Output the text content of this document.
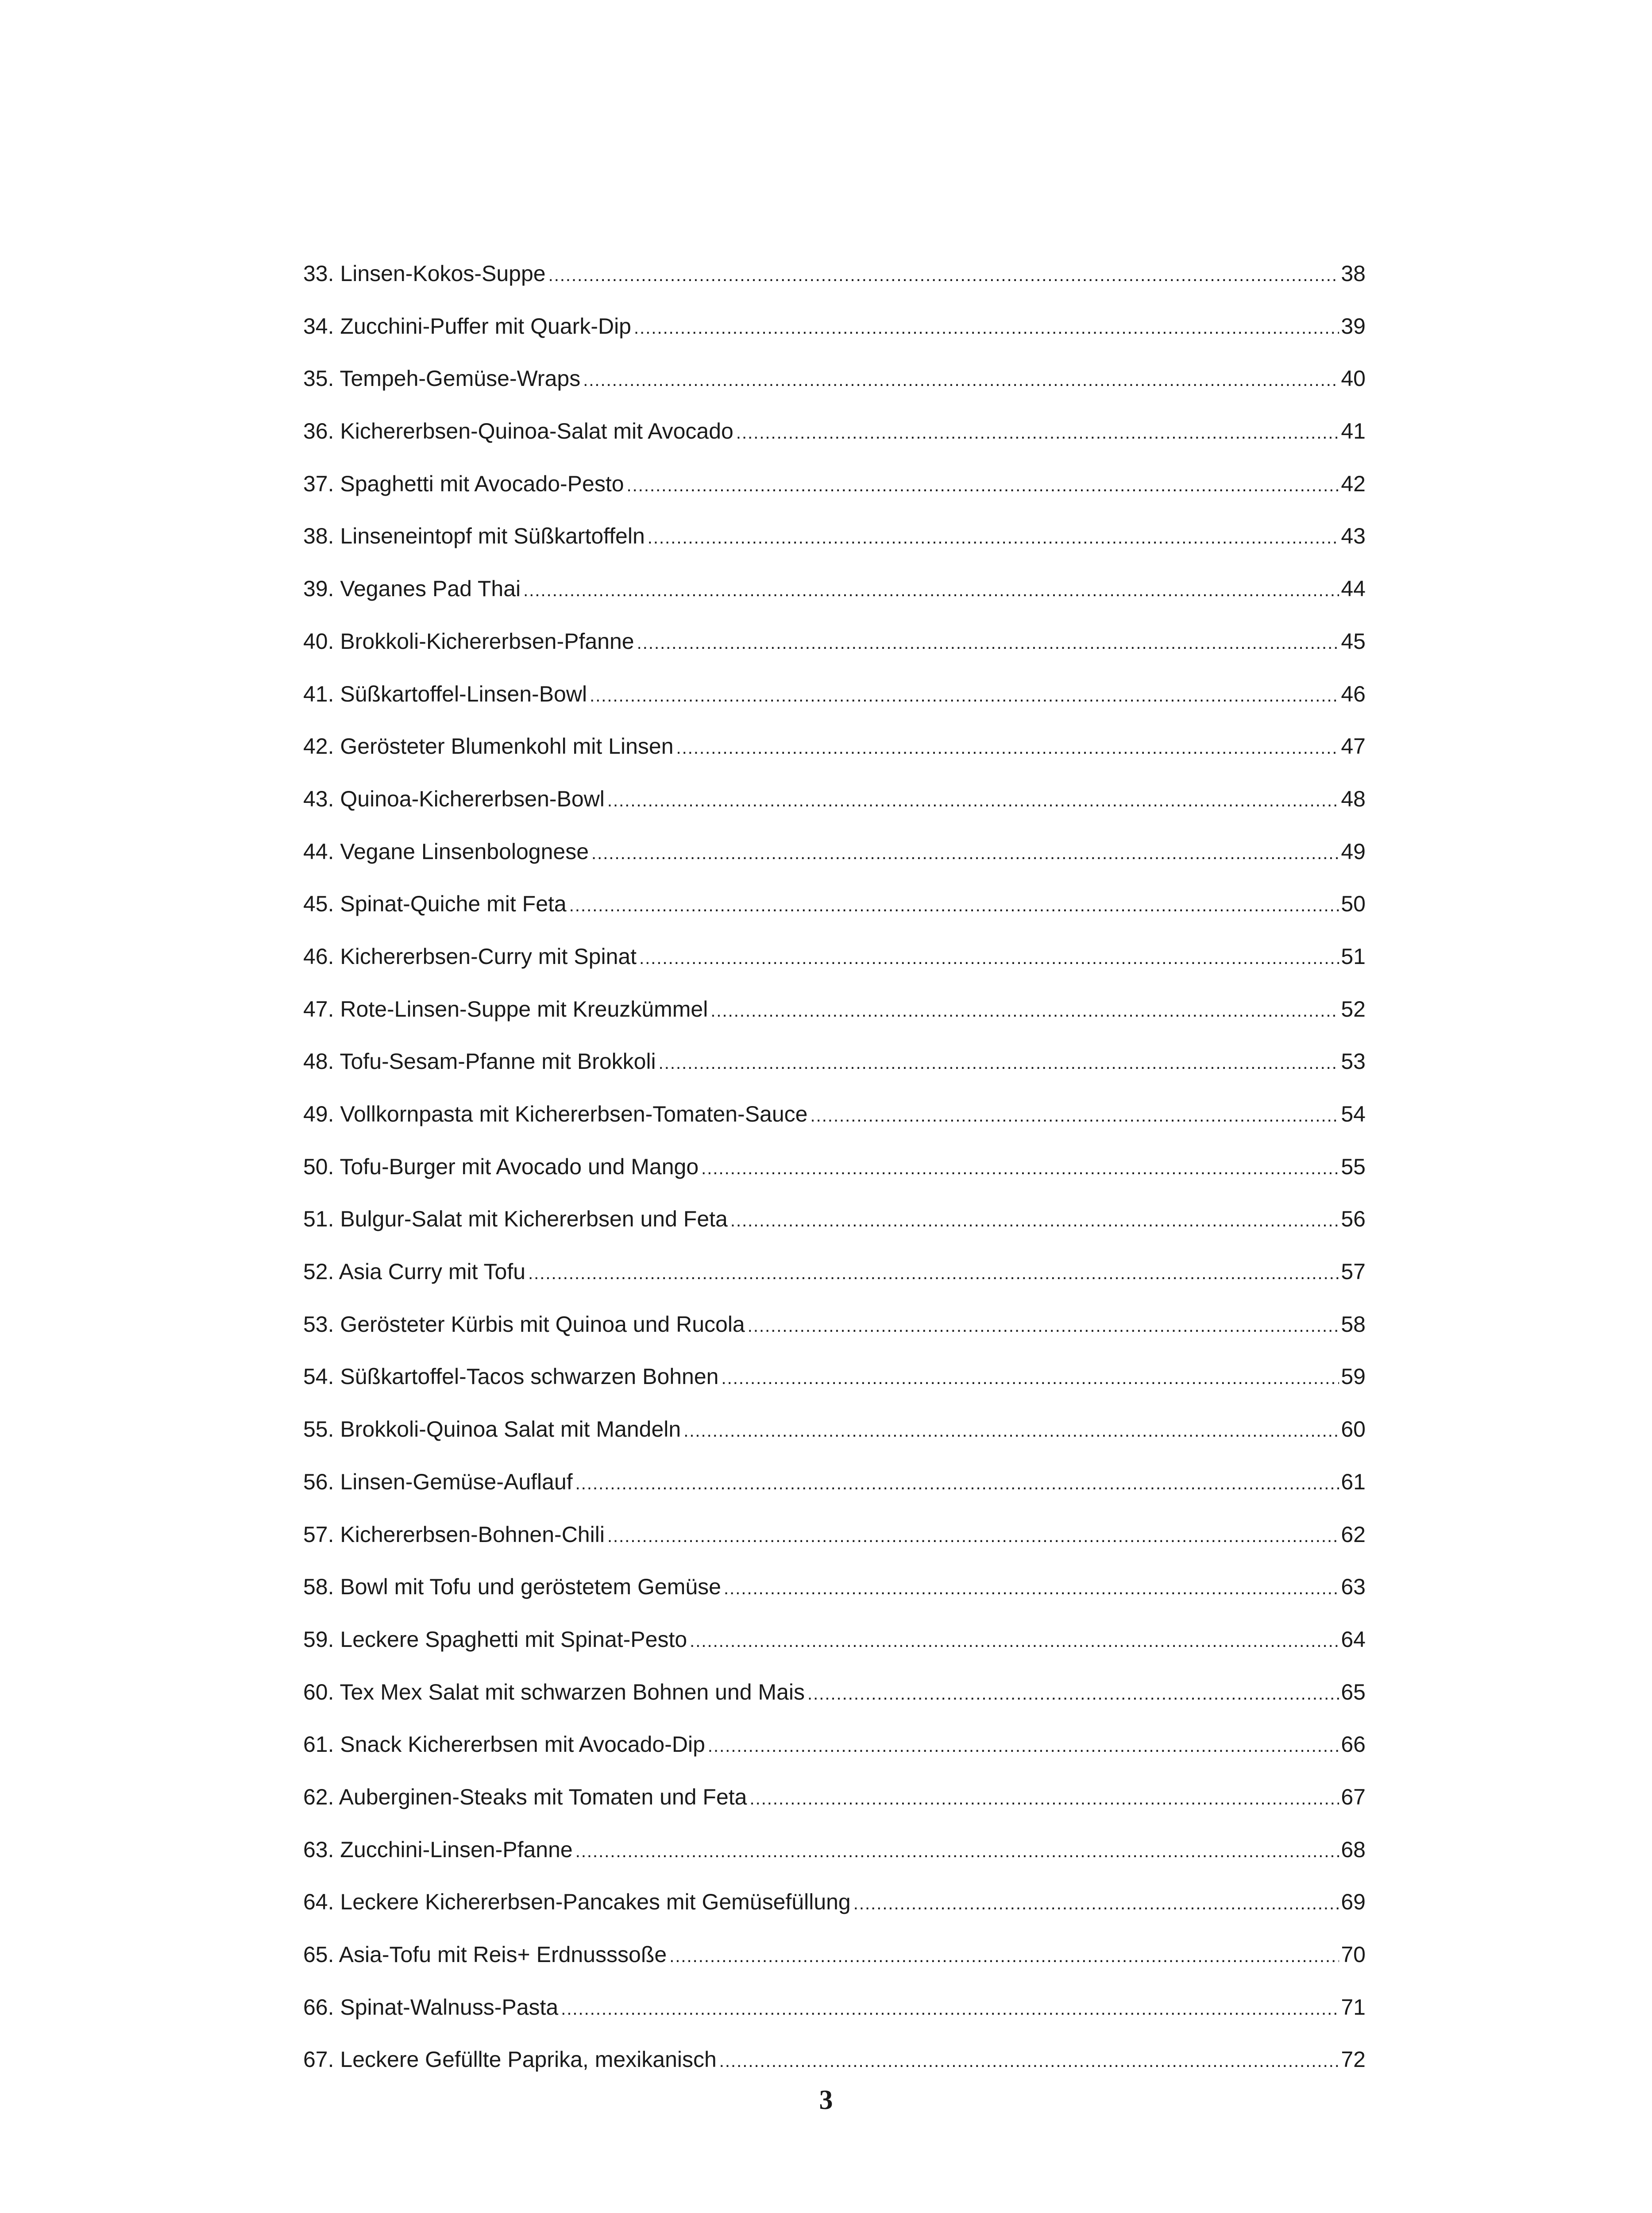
33. Linsen-Kokos-Suppe .....	38
34. Zucchini-Puffer mit Quark-Dip .....	39
35. Tempeh-Gemüse-Wraps .....	40
36. Kichererbsen-Quinoa-Salat mit Avocado .....	41
37. Spaghetti mit Avocado-Pesto .....	42
38. Linseneintopf mit Süßkartoffeln .....	43
39. Veganes Pad Thai .....	44
40. Brokkoli-Kichererbsen-Pfanne .....	45
41. Süßkartoffel-Linsen-Bowl .....	46
42. Gerösteter Blumenkohl mit Linsen .....	47
43. Quinoa-Kichererbsen-Bowl .....	48
44. Vegane Linsenbolognese .....	49
45. Spinat-Quiche mit Feta .....	50
46. Kichererbsen-Curry mit Spinat .....	51
47. Rote-Linsen-Suppe mit Kreuzkümmel .....	52
48. Tofu-Sesam-Pfanne mit Brokkoli .....	53
49. Vollkornpasta mit Kichererbsen-Tomaten-Sauce .....	54
50. Tofu-Burger mit Avocado und Mango .....	55
51. Bulgur-Salat mit Kichererbsen und Feta .....	56
52. Asia Curry mit Tofu .....	57
53. Gerösteter Kürbis mit Quinoa und Rucola .....	58
54. Süßkartoffel-Tacos schwarzen Bohnen .....	59
55. Brokkoli-Quinoa Salat mit Mandeln .....	60
56. Linsen-Gemüse-Auflauf .....	61
57. Kichererbsen-Bohnen-Chili .....	62
58. Bowl mit Tofu und geröstetem Gemüse .....	63
59. Leckere Spaghetti mit Spinat-Pesto .....	64
60. Tex Mex Salat mit schwarzen Bohnen und Mais .....	65
61. Snack Kichererbsen mit Avocado-Dip .....	66
62. Auberginen-Steaks mit Tomaten und Feta .....	67
63. Zucchini-Linsen-Pfanne .....	68
64. Leckere Kichererbsen-Pancakes mit Gemüsefüllung .....	69
65. Asia-Tofu mit Reis+ Erdnusssoße .....	70
66. Spinat-Walnuss-Pasta .....	71
67. Leckere Gefüllte Paprika, mexikanisch .....	72
3
